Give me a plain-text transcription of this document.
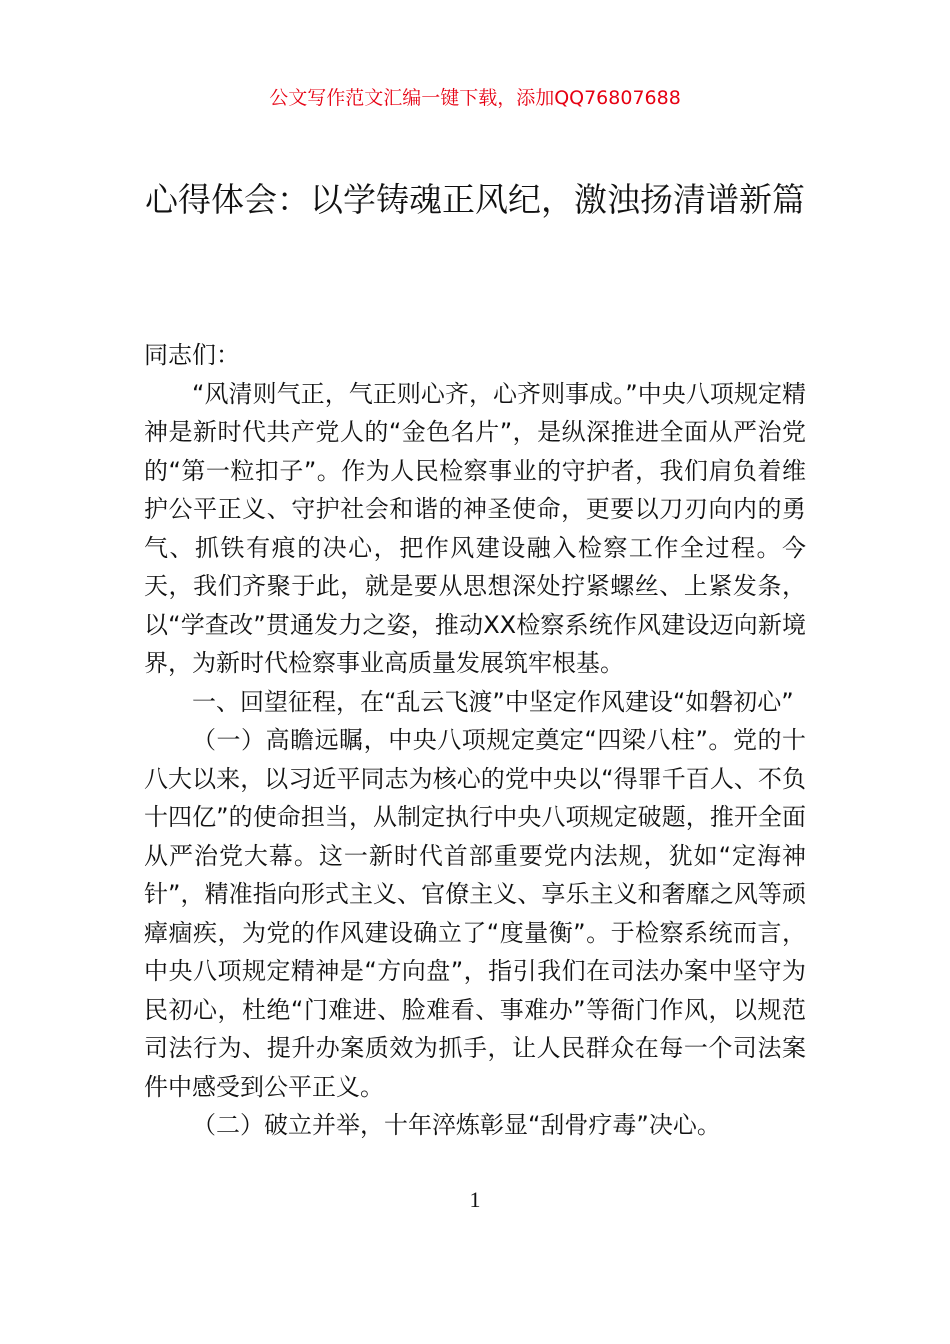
公文写作范文汇编一键下载，添加QQ76807688
心得体会：以学铸魂正风纪，激浊扬清谱新篇

同志们：

“风清则气正，气正则心齐，心齐则事成。”中央八项规定精神是新时代共产党人的“金色名片”，是纵深推进全面从严治党的“第一粒扣子”。作为人民检察事业的守护者，我们肩负着维护公平正义、守护社会和谐的神圣使命，更要以刀刃向内的勇气、抓铁有痕的决心，把作风建设融入检察工作全过程。今天，我们齐聚于此，就是要从思想深处拧紧螺丝、上紧发条，以“学查改”贯通发力之姿，推动XX检察系统作风建设迈向新境界，为新时代检察事业高质量发展筑牢根基。

一、回望征程，在“乱云飞渡”中坚定作风建设“如磐初心”

（一）高瞻远瞩，中央八项规定奠定“四梁八柱”。党的十八大以来，以习近平同志为核心的党中央以“得罪千百人、不负十四亿”的使命担当，从制定执行中央八项规定破题，推开全面从严治党大幕。这一新时代首部重要党内法规，犹如“定海神针”，精准指向形式主义、官僚主义、享乐主义和奢靡之风等顽瘴痼疾，为党的作风建设确立了“度量衡”。于检察系统而言，中央八项规定精神是“方向盘”，指引我们在司法办案中坚守为民初心，杜绝“门难进、脸难看、事难办”等衙门作风，以规范司法行为、提升办案质效为抓手，让人民群众在每一个司法案件中感受到公平正义。

（二）破立并举，十年淬炼彰显“刮骨疗毒”决心。

1
